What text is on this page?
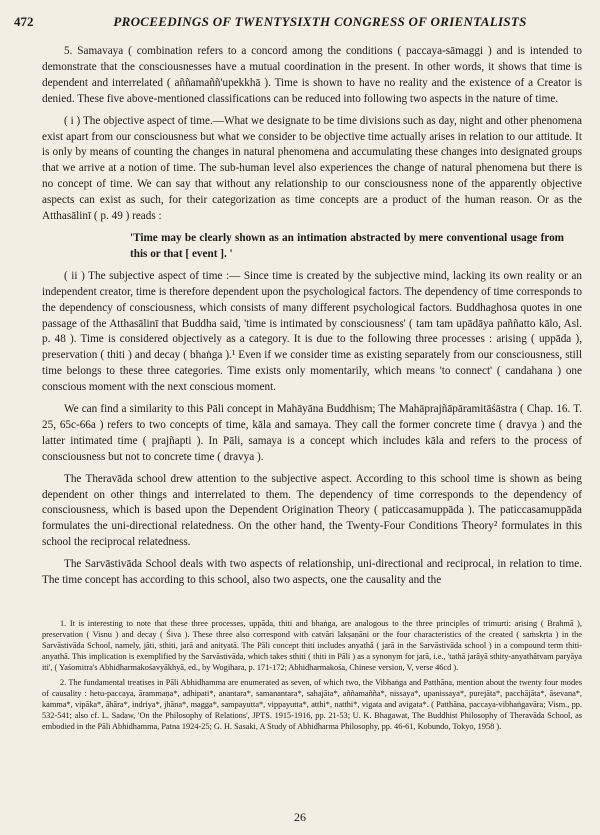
472	PROCEEDINGS OF TWENTYSIXTH CONGRESS OF ORIENTALISTS

5. Samavaya ( combination refers to a concord among the conditions ( paccaya-sāmaggi ) and is intended to demonstrate that the consciousnesses have a mutual coordination in the present. In other words, it shows that time is dependent and interrelated ( aññamaññ'upekkhā ). Time is shown to have no reality and the existence of a Creator is denied. These five above-mentioned classifications can be reduced into following two aspects in the nature of time.

( i ) The objective aspect of time.—What we designate to be time divisions such as day, night and other phenomena exist apart from our consciousness but what we consider to be objective time actually arises in relation to our attitude. It is only by means of counting the changes in natural phenomena and accumulating these changes into designated groups that we arrive at a notion of time. The sub-human level also experiences the change of natural phenomena but there is no concept of time. We can say that without any relationship to our consciousness none of the apparently objective aspects can exist as such, for their categorization as time concepts are a product of the human reason. Or as the Atthasālinī ( p. 49 ) reads :

'Time may be clearly shown as an intimation abstracted by mere conventional usage from this or that [ event ]. '

( ii ) The subjective aspect of time :— Since time is created by the subjective mind, lacking its own reality or an independent creator, time is therefore dependent upon the psychological factors. The dependency of time corresponds to the dependency of consciousness, which consists of many different psychological factors. Buddhaghosa quotes in one passage of the Atthasālinī that Buddha said, 'time is intimated by consciousness' ( tam tam upādāya paññatto kālo, Asl. p. 48 ). Time is considered objectively as a category. It is due to the following three processes : arising ( uppāda ), preservation ( thiti ) and decay ( bhaṅga ).¹ Even if we consider time as existing separately from our consciousness, still time belongs to these three categories. Time exists only momentarily, which means 'to connect' ( candahana ) one conscious moment with the next conscious moment.

We can find a similarity to this Pāli concept in Mahāyāna Buddhism; The Mahāprajñāpāramitāśāstra ( Chap. 16. T. 25, 65c-66a ) refers to two concepts of time, kāla and samaya. They call the former concrete time ( dravya ) and the latter intimated time ( prajñapti ). In Pāli, samaya is a concept which includes kāla and refers to the process of consciousness but not to concrete time ( dravya ).

The Theravāda school drew attention to the subjective aspect. According to this school time is shown as being dependent on other things and interrelated to them. The dependency of time corresponds to the dependency of consciousness, which is based upon the Dependent Origination Theory ( paticcasamuppāda ). The paticcasamuppāda formulates the uni-directional relatedness. On the other hand, the Twenty-Four Conditions Theory² formulates in this school the reciprocal relatedness.

The Sarvāstivāda School deals with two aspects of relationship, uni-directional and reciprocal, in relation to time. The time concept has according to this school, also two aspects, one the causality and the

1. It is interesting to note that these three processes, uppāda, thiti and bhaṅga, are analogous to the three principles of trimurti: arising ( Brahmā ), preservation ( Visnu ) and decay ( Śiva ). These three also correspond with catvāri lakṣaṇāni or the four characteristics of the created ( saṁskṛta ) in the Sarvāstivāda School, namely, jāti, sthiti, jarā and anityatā. The Pāli concept thiti includes anyathā ( jarā in the Sarvāstivāda school ) in a compound term thiti-anyathā. This implication is exemplified by the Sarvāstivāda, which takes sthiti ( thiti in Pāli ) as a synonym for jarā, i.e., 'tathā jarāyā sthity-anyathātvam paryāya iti', ( Yaśomitra's Abhidharmakośavyākhyā, ed., by Wogihara, p. 171-172; Abhidharmakośa, Chinese version, V, verse 46cd ).

2. The fundamental treatises in Pāli Abhidhamma are enumerated as seven, of which two, the Vibhaṅga and Patthāna, mention about the twenty four modes of causality : hetu-paccaya, ārammaṇa*, adhipati*, anantara*, samanantara*, sahajāta*, aññamañña*, nissaya*, upanissaya*, purejāta*, pacchājāta*, āsevana*, kamma*, vipāka*, āhāra*, indriya*, jhāna*, magga*, sampayutta*, vippayutta*, atthi*, natthi*, vigata and avigata*. ( Patthāna, paccaya-vibhaṅgavāra; Vism., pp. 532-541; also cf. L. Sadaw, 'On the Philosophy of Relations', JPTS. 1915-1916, pp. 21-53; U. K. Bhagawat, The Buddhist Philosophy of Theravāda School, as embodied in the Pāli Abhidhamma, Patna 1924-25; G. H. Sasaki, A Study of Abhidharma Philosophy, pp. 46-61, Kobundo, Tokyo, 1958 ).

26
